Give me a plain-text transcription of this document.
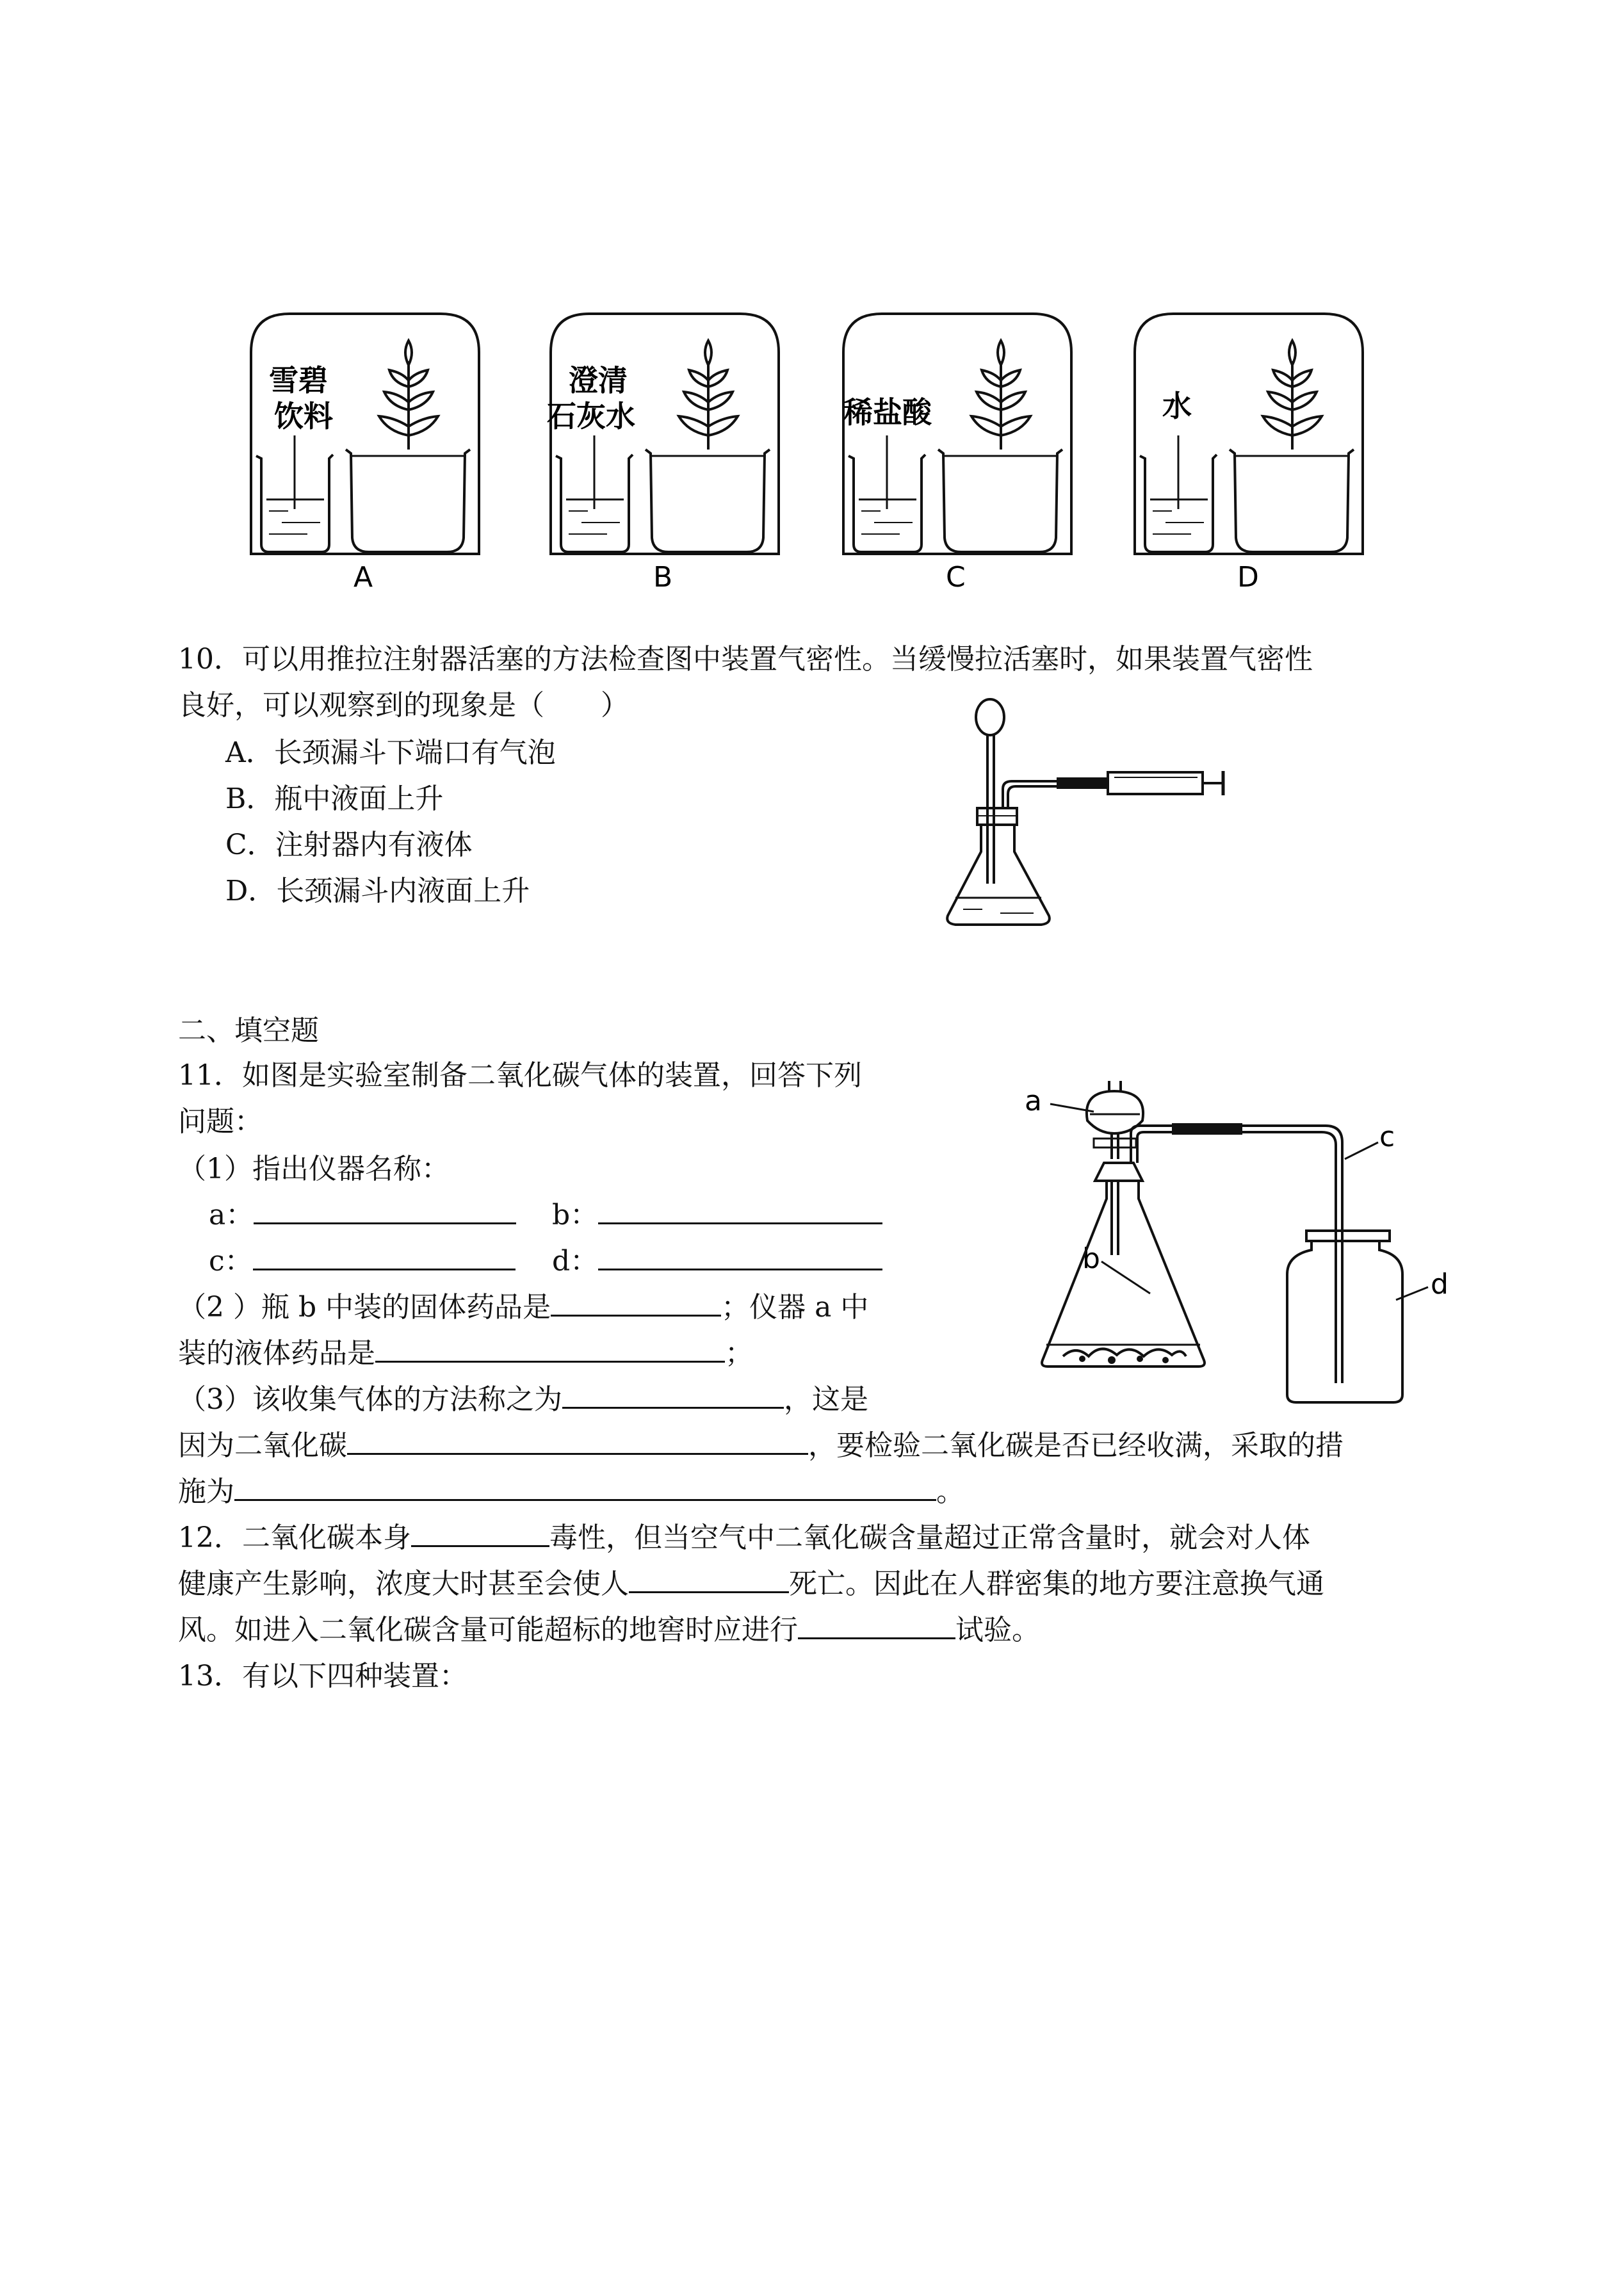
雪碧
饮料
A
澄清
石灰水
B
稀盐酸
C
水
D
10．可以用推拉注射器活塞的方法检查图中装置气密性。当缓慢拉活塞时，如果装置气密性
良好，可以观察到的现象是（　　）
A．长颈漏斗下端口有气泡
B．瓶中液面上升
C．注射器内有液体
D．长颈漏斗内液面上升
二、填空题
11．如图是实验室制备二氧化碳气体的装置，回答下列
问题：
（1）指出仪器名称：
a：	b：
c：	d：
（2 ）瓶 b 中装的固体药品是	；仪器 a 中
装的液体药品是	；
（3）该收集气体的方法称之为	，这是
因为二氧化碳	，要检验二氧化碳是否已经收满，采取的措
施为	。
a
b
c
d
12．二氧化碳本身	毒性，但当空气中二氧化碳含量超过正常含量时，就会对人体
健康产生影响，浓度大时甚至会使人	死亡。因此在人群密集的地方要注意换气通
风。如进入二氧化碳含量可能超标的地窖时应进行	试验。
13．有以下四种装置：
